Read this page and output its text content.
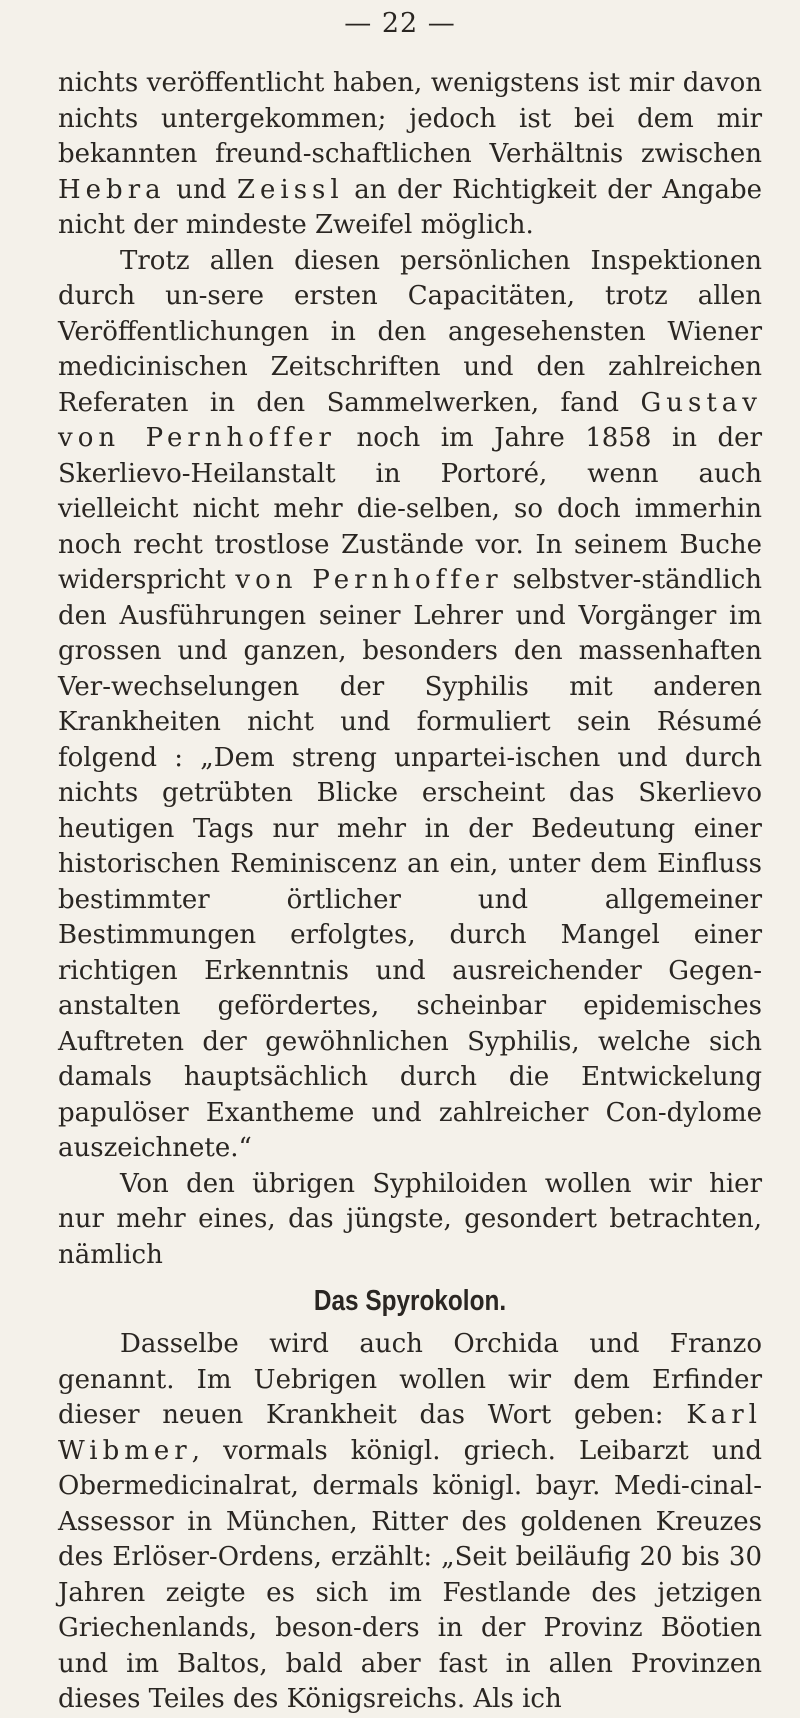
— 22 —

nichts veröffentlicht haben, wenigstens ist mir davon nichts untergekommen; jedoch ist bei dem mir bekannten freund-schaftlichen Verhältnis zwischen Hebra und Zeissl an der Richtigkeit der Angabe nicht der mindeste Zweifel möglich.

Trotz allen diesen persönlichen Inspektionen durch un-sere ersten Capacitäten, trotz allen Veröffentlichungen in den angesehensten Wiener medicinischen Zeitschriften und den zahlreichen Referaten in den Sammelwerken, fand Gustav von Pernhoffer noch im Jahre 1858 in der Skerlievo-Heilanstalt in Portoré, wenn auch vielleicht nicht mehr die-selben, so doch immerhin noch recht trostlose Zustände vor. In seinem Buche widerspricht von Pernhoffer selbstver-ständlich den Ausführungen seiner Lehrer und Vorgänger im grossen und ganzen, besonders den massenhaften Ver-wechselungen der Syphilis mit anderen Krankheiten nicht und formuliert sein Résumé folgend : „Dem streng unpartei-ischen und durch nichts getrübten Blicke erscheint das Skerlievo heutigen Tags nur mehr in der Bedeutung einer historischen Reminiscenz an ein, unter dem Einfluss bestimmter örtlicher und allgemeiner Bestimmungen erfolgtes, durch Mangel einer richtigen Erkenntnis und ausreichender Gegen-anstalten gefördertes, scheinbar epidemisches Auftreten der gewöhnlichen Syphilis, welche sich damals hauptsächlich durch die Entwickelung papulöser Exantheme und zahlreicher Con-dylome auszeichnete.“

Von den übrigen Syphiloiden wollen wir hier nur mehr eines, das jüngste, gesondert betrachten, nämlich

Das Spyrokolon.

Dasselbe wird auch Orchida und Franzo genannt. Im Uebrigen wollen wir dem Erfinder dieser neuen Krankheit das Wort geben: Karl Wibmer, vormals königl. griech. Leibarzt und Obermedicinalrat, dermals königl. bayr. Medi-cinal-Assessor in München, Ritter des goldenen Kreuzes des Erlöser-Ordens, erzählt: „Seit beiläufig 20 bis 30 Jahren zeigte es sich im Festlande des jetzigen Griechenlands, beson-ders in der Provinz Böotien und im Baltos, bald aber fast in allen Provinzen dieses Teiles des Königsreichs. Als ich
